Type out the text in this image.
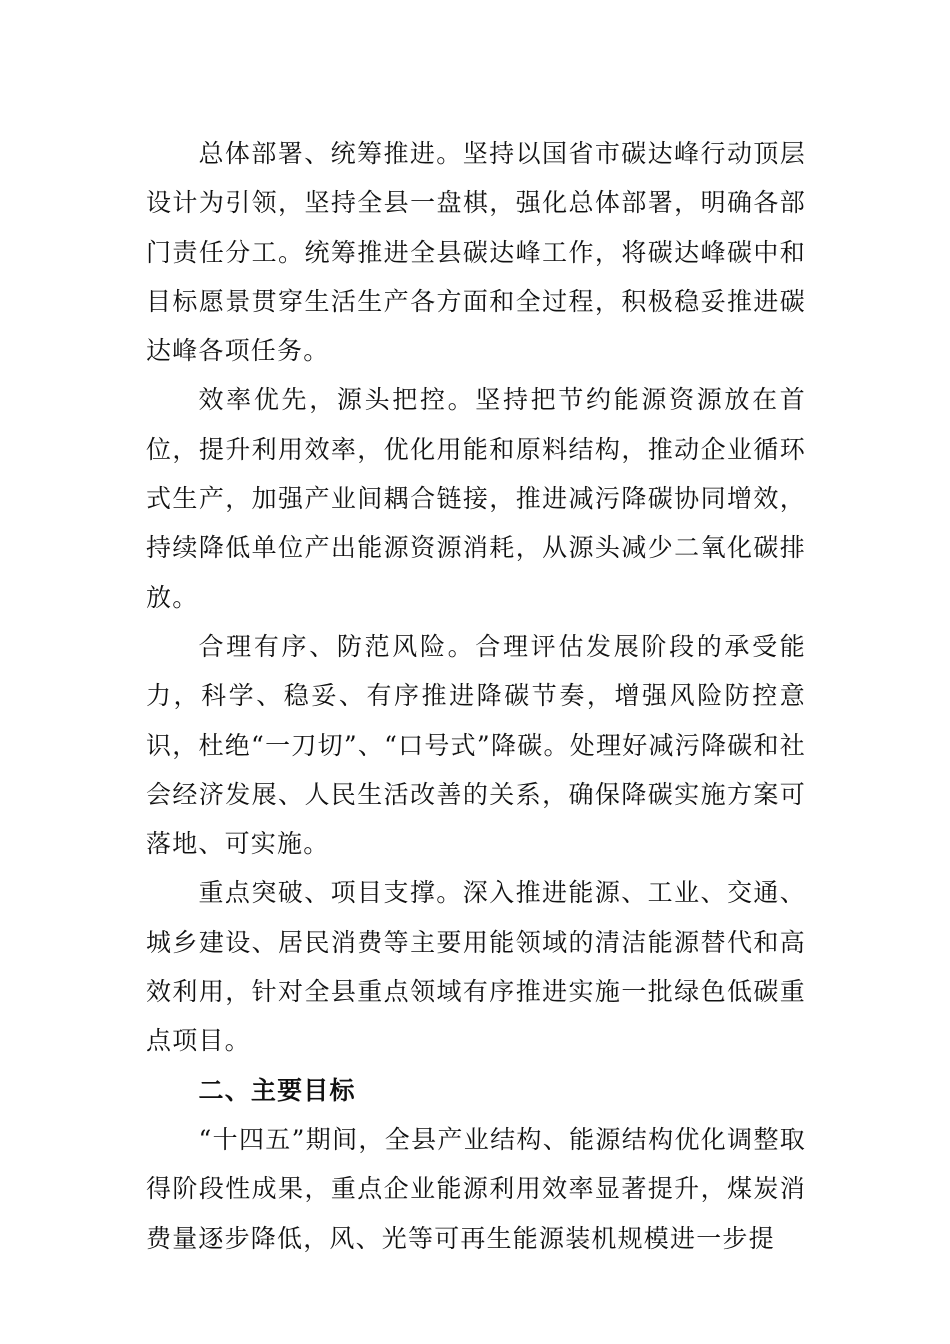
总体部署、统筹推进。坚持以国省市碳达峰行动顶层设计为引领，坚持全县一盘棋，强化总体部署，明确各部门责任分工。统筹推进全县碳达峰工作，将碳达峰碳中和目标愿景贯穿生活生产各方面和全过程，积极稳妥推进碳达峰各项任务。

效率优先，源头把控。坚持把节约能源资源放在首位，提升利用效率，优化用能和原料结构，推动企业循环式生产，加强产业间耦合链接，推进减污降碳协同增效，持续降低单位产出能源资源消耗，从源头减少二氧化碳排放。

合理有序、防范风险。合理评估发展阶段的承受能力，科学、稳妥、有序推进降碳节奏，增强风险防控意识，杜绝“一刀切”、“口号式”降碳。处理好减污降碳和社会经济发展、人民生活改善的关系，确保降碳实施方案可落地、可实施。

重点突破、项目支撑。深入推进能源、工业、交通、城乡建设、居民消费等主要用能领域的清洁能源替代和高效利用，针对全县重点领域有序推进实施一批绿色低碳重点项目。

二、主要目标

“十四五”期间，全县产业结构、能源结构优化调整取得阶段性成果，重点企业能源利用效率显著提升，煤炭消费量逐步降低，风、光等可再生能源装机规模进一步提
